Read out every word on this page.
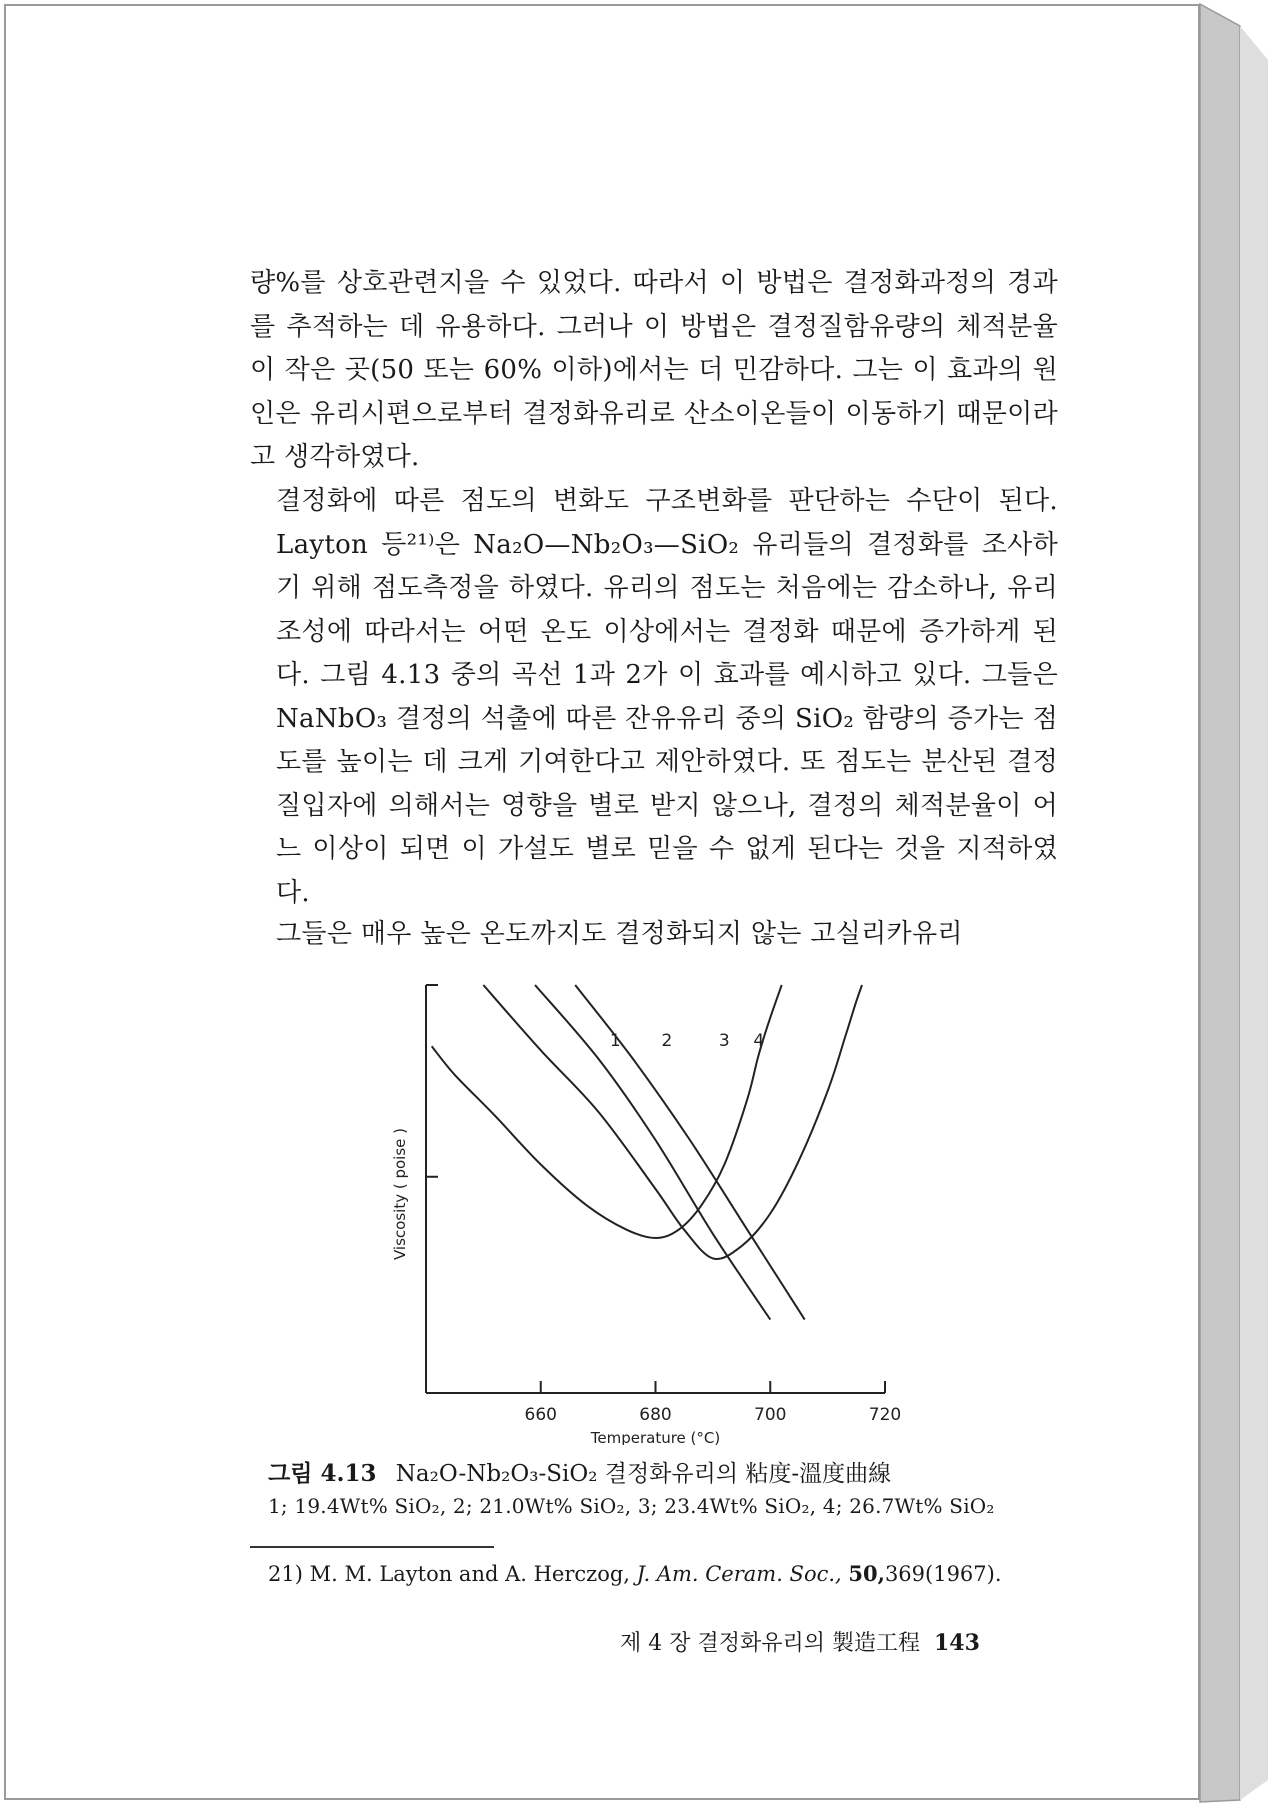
량%를 상호관련지을 수 있었다. 따라서 이 방법은 결정화과정의 경과를 추적하는 데 유용하다. 그러나 이 방법은 결정질함유량의 체적분율이 작은 곳(50 또는 60% 이하)에서는 더 민감하다. 그는 이 효과의 원인은 유리시편으로부터 결정화유리로 산소이온들이 이동하기 때문이라고 생각하였다.

결정화에 따른 점도의 변화도 구조변화를 판단하는 수단이 된다. Layton 등²¹⁾은 Na₂O—Nb₂O₃—SiO₂ 유리들의 결정화를 조사하기 위해 점도측정을 하였다. 유리의 점도는 처음에는 감소하나, 유리조성에 따라서는 어떤 온도 이상에서는 결정화 때문에 증가하게 된다. 그림 4.13 중의 곡선 1과 2가 이 효과를 예시하고 있다. 그들은 NaNbO₃ 결정의 석출에 따른 잔유유리 중의 SiO₂ 함량의 증가는 점도를 높이는 데 크게 기여한다고 제안하였다. 또 점도는 분산된 결정질입자에 의해서는 영향을 별로 받지 않으나, 결정의 체적분율이 어느 이상이 되면 이 가설도 별로 믿을 수 없게 된다는 것을 지적하였다.

그들은 매우 높은 온도까지도 결정화되지 않는 고실리카유리

660	680	700	720
Temperature (°C)
Viscosity ( poise )
1 2	3 4
그림 4.13 Na₂O-Nb₂O₃-SiO₂ 결정화유리의 粘度-溫度曲線
1; 19.4Wt% SiO₂, 2; 21.0Wt% SiO₂, 3; 23.4Wt% SiO₂, 4; 26.7Wt% SiO₂
21) M. M. Layton and A. Herczog, J. Am. Ceram. Soc., 50,369(1967).
제 4 장 결정화유리의 製造工程 143
